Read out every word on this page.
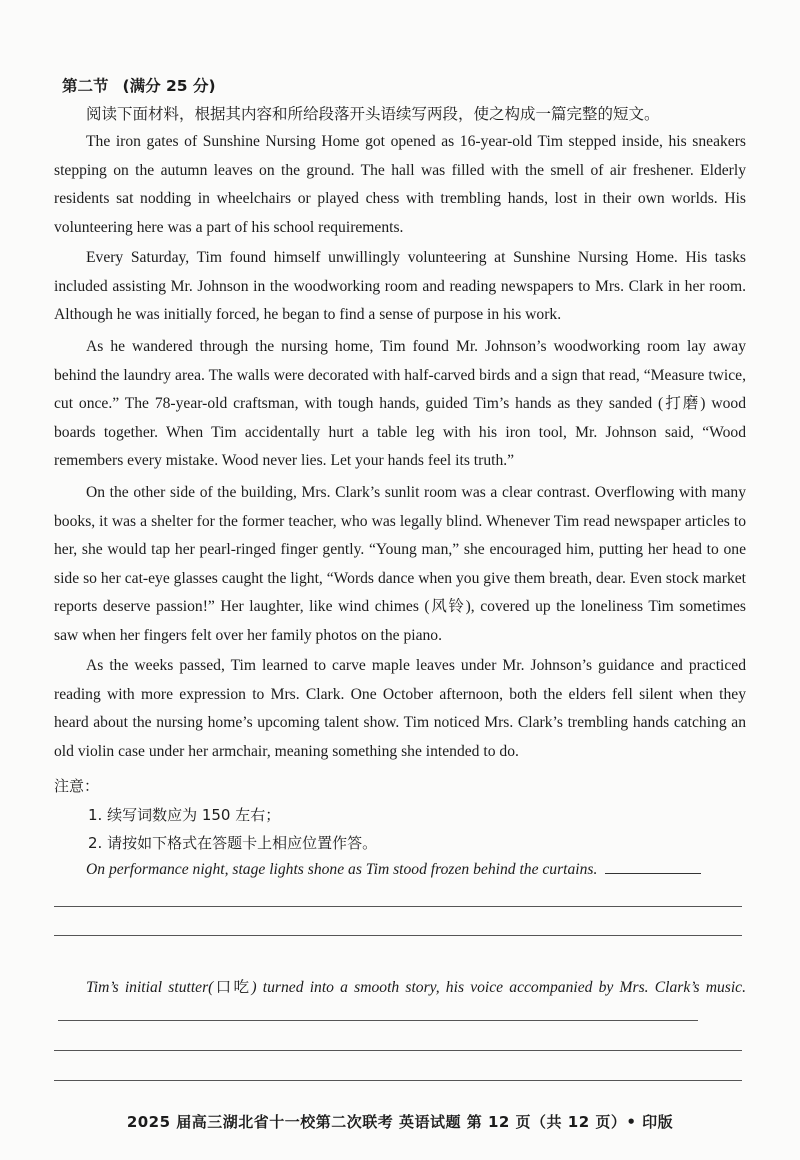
第二节 (满分 25 分)
阅读下面材料，根据其内容和所给段落开头语续写两段，使之构成一篇完整的短文。

The iron gates of Sunshine Nursing Home got opened as 16-year-old Tim stepped inside, his sneakers stepping on the autumn leaves on the ground. The hall was filled with the smell of air freshener. Elderly residents sat nodding in wheelchairs or played chess with trembling hands, lost in their own worlds. His volunteering here was a part of his school requirements.

Every Saturday, Tim found himself unwillingly volunteering at Sunshine Nursing Home. His tasks included assisting Mr. Johnson in the woodworking room and reading newspapers to Mrs. Clark in her room. Although he was initially forced, he began to find a sense of purpose in his work.

As he wandered through the nursing home, Tim found Mr. Johnson’s woodworking room lay away behind the laundry area. The walls were decorated with half-carved birds and a sign that read, “Measure twice, cut once.” The 78-year-old craftsman, with tough hands, guided Tim’s hands as they sanded (打磨) wood boards together. When Tim accidentally hurt a table leg with his iron tool, Mr. Johnson said, “Wood remembers every mistake. Wood never lies. Let your hands feel its truth.”

On the other side of the building, Mrs. Clark’s sunlit room was a clear contrast. Overflowing with many books, it was a shelter for the former teacher, who was legally blind. Whenever Tim read newspaper articles to her, she would tap her pearl-ringed finger gently. “Young man,” she encouraged him, putting her head to one side so her cat-eye glasses caught the light, “Words dance when you give them breath, dear. Even stock market reports deserve passion!” Her laughter, like wind chimes (风铃), covered up the loneliness Tim sometimes saw when her fingers felt over her family photos on the piano.

As the weeks passed, Tim learned to carve maple leaves under Mr. Johnson’s guidance and practiced reading with more expression to Mrs. Clark. One October afternoon, both the elders fell silent when they heard about the nursing home’s upcoming talent show. Tim noticed Mrs. Clark’s trembling hands catching an old violin case under her armchair, meaning something she intended to do.

注意：
1. 续写词数应为 150 左右；
2. 请按如下格式在答题卡上相应位置作答。
On performance night, stage lights shone as Tim stood frozen behind the curtains.

Tim’s initial stutter(口吃) turned into a smooth story, his voice accompanied by Mrs. Clark’s music.

2025 届高三湖北省十一校第二次联考 英语试题 第 12 页（共 12 页）• 印版
